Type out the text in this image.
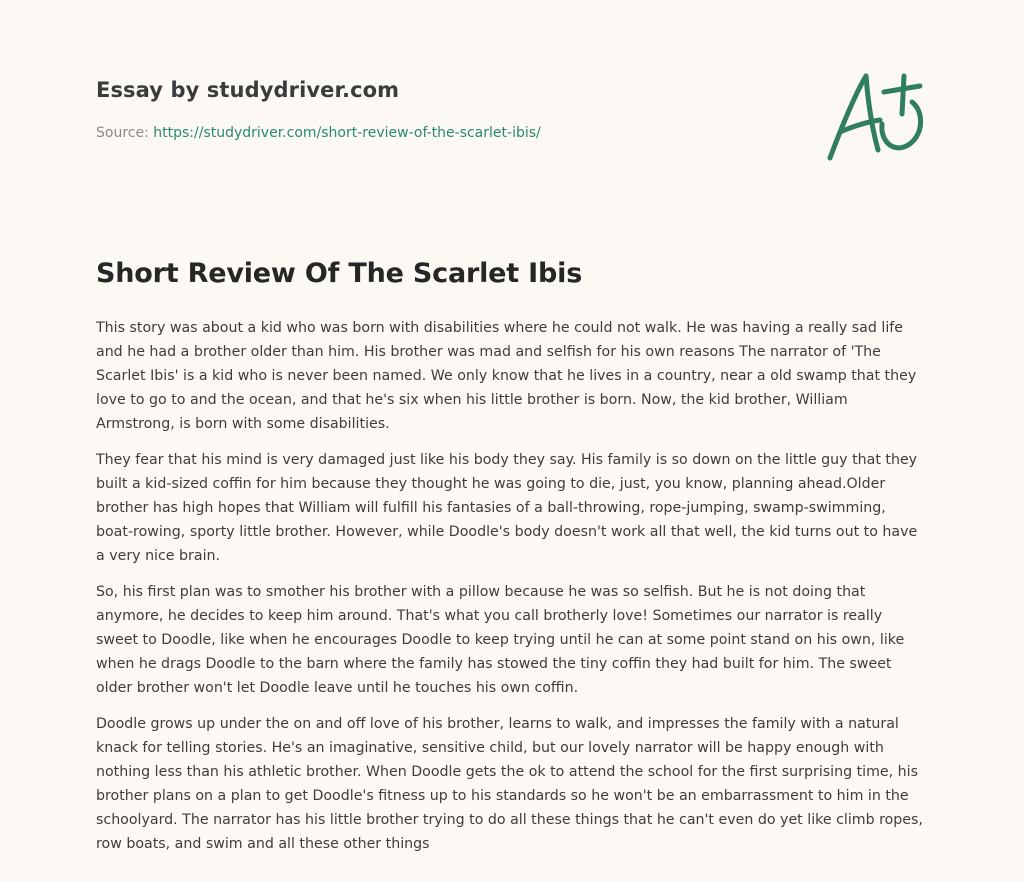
Essay by studydriver.com
Source: https://studydriver.com/short-review-of-the-scarlet-ibis/
Short Review Of The Scarlet Ibis

This story was about a kid who was born with disabilities where he could not walk. He was having a really sad life and he had a brother older than him. His brother was mad and selfish for his own reasons The narrator of 'The Scarlet Ibis' is a kid who is never been named. We only know that he lives in a country, near a old swamp that they love to go to and the ocean, and that he's six when his little brother is born. Now, the kid brother, William Armstrong, is born with some disabilities.

They fear that his mind is very damaged just like his body they say. His family is so down on the little guy that they built a kid-sized coffin for him because they thought he was going to die, just, you know, planning ahead.Older brother has high hopes that William will fulfill his fantasies of a ball-throwing, rope-jumping, swamp-swimming, boat-rowing, sporty little brother. However, while Doodle's body doesn't work all that well, the kid turns out to have a very nice brain.

So, his first plan was to smother his brother with a pillow because he was so selfish. But he is not doing that anymore, he decides to keep him around. That's what you call brotherly love! Sometimes our narrator is really sweet to Doodle, like when he encourages Doodle to keep trying until he can at some point stand on his own, like when he drags Doodle to the barn where the family has stowed the tiny coffin they had built for him. The sweet older brother won't let Doodle leave until he touches his own coffin.

Doodle grows up under the on and off love of his brother, learns to walk, and impresses the family with a natural knack for telling stories. He's an imaginative, sensitive child, but our lovely narrator will be happy enough with nothing less than his athletic brother. When Doodle gets the ok to attend the school for the first surprising time, his brother plans on a plan to get Doodle's fitness up to his standards so he won't be an embarrassment to him in the schoolyard. The narrator has his little brother trying to do all these things that he can't even do yet like climb ropes, row boats, and swim and all these other things
